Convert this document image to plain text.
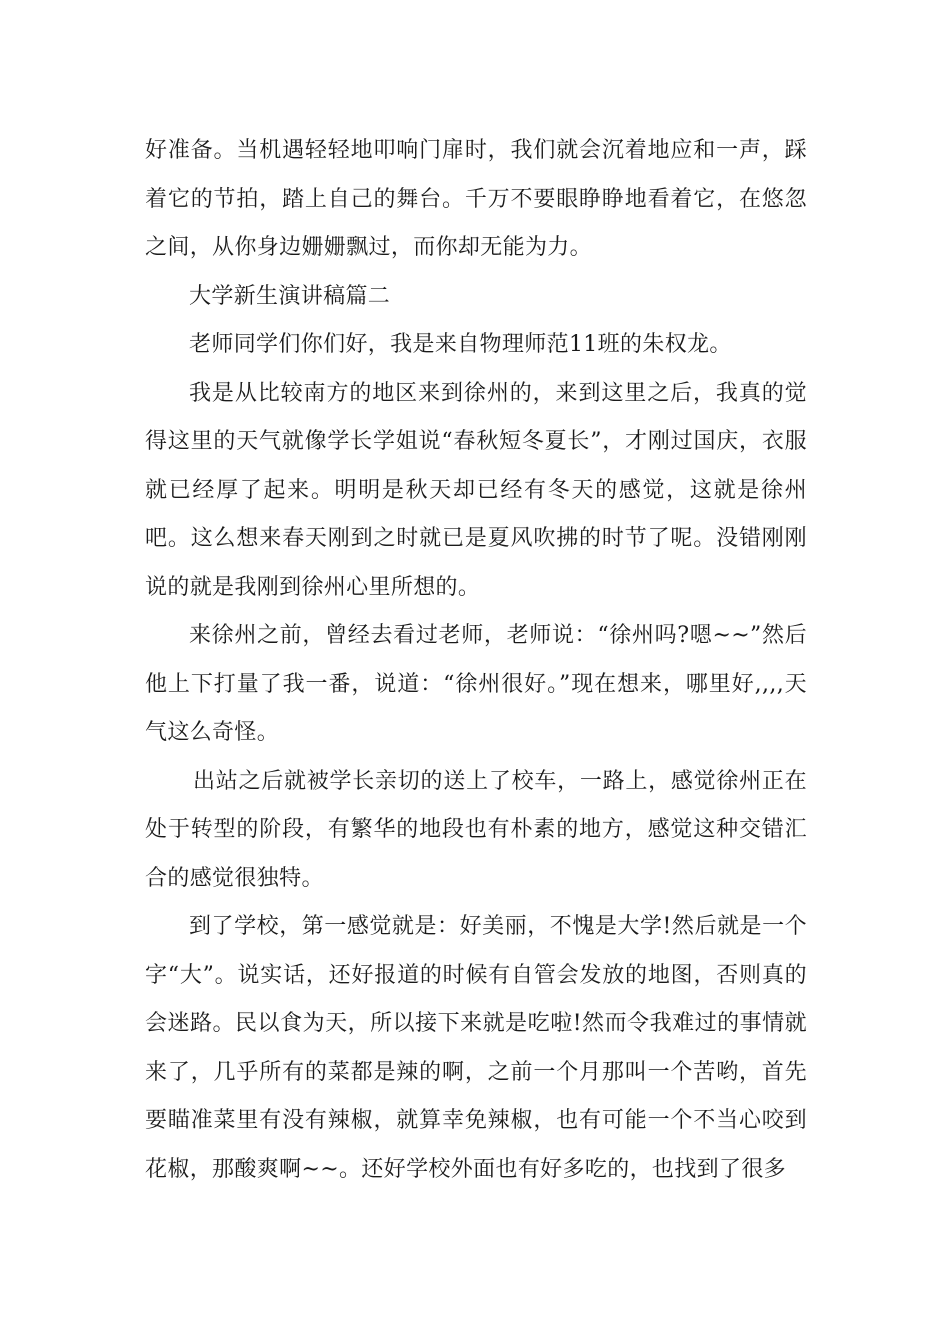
好准备。当机遇轻轻地叩响门扉时，我们就会沉着地应和一声，踩着它的节拍，踏上自己的舞台。千万不要眼睁睁地看着它，在悠忽之间，从你身边姗姗飘过，而你却无能为力。

大学新生演讲稿篇二

老师同学们你们好，我是来自物理师范11班的朱权龙。

我是从比较南方的地区来到徐州的，来到这里之后，我真的觉得这里的天气就像学长学姐说“春秋短冬夏长”，才刚过国庆，衣服就已经厚了起来。明明是秋天却已经有冬天的感觉，这就是徐州吧。这么想来春天刚到之时就已是夏风吹拂的时节了呢。没错刚刚说的就是我刚到徐州心里所想的。

来徐州之前，曾经去看过老师，老师说：“徐州吗?嗯~~”然后他上下打量了我一番，说道：“徐州很好。”现在想来，哪里好,,,,天气这么奇怪。

出站之后就被学长亲切的送上了校车，一路上，感觉徐州正在处于转型的阶段，有繁华的地段也有朴素的地方，感觉这种交错汇合的感觉很独特。

到了学校，第一感觉就是：好美丽，不愧是大学!然后就是一个字“大”。说实话，还好报道的时候有自管会发放的地图，否则真的会迷路。民以食为天，所以接下来就是吃啦!然而令我难过的事情就来了，几乎所有的菜都是辣的啊，之前一个月那叫一个苦哟，首先要瞄准菜里有没有辣椒，就算幸免辣椒，也有可能一个不当心咬到花椒，那酸爽啊~~。还好学校外面也有好多吃的，也找到了很多
